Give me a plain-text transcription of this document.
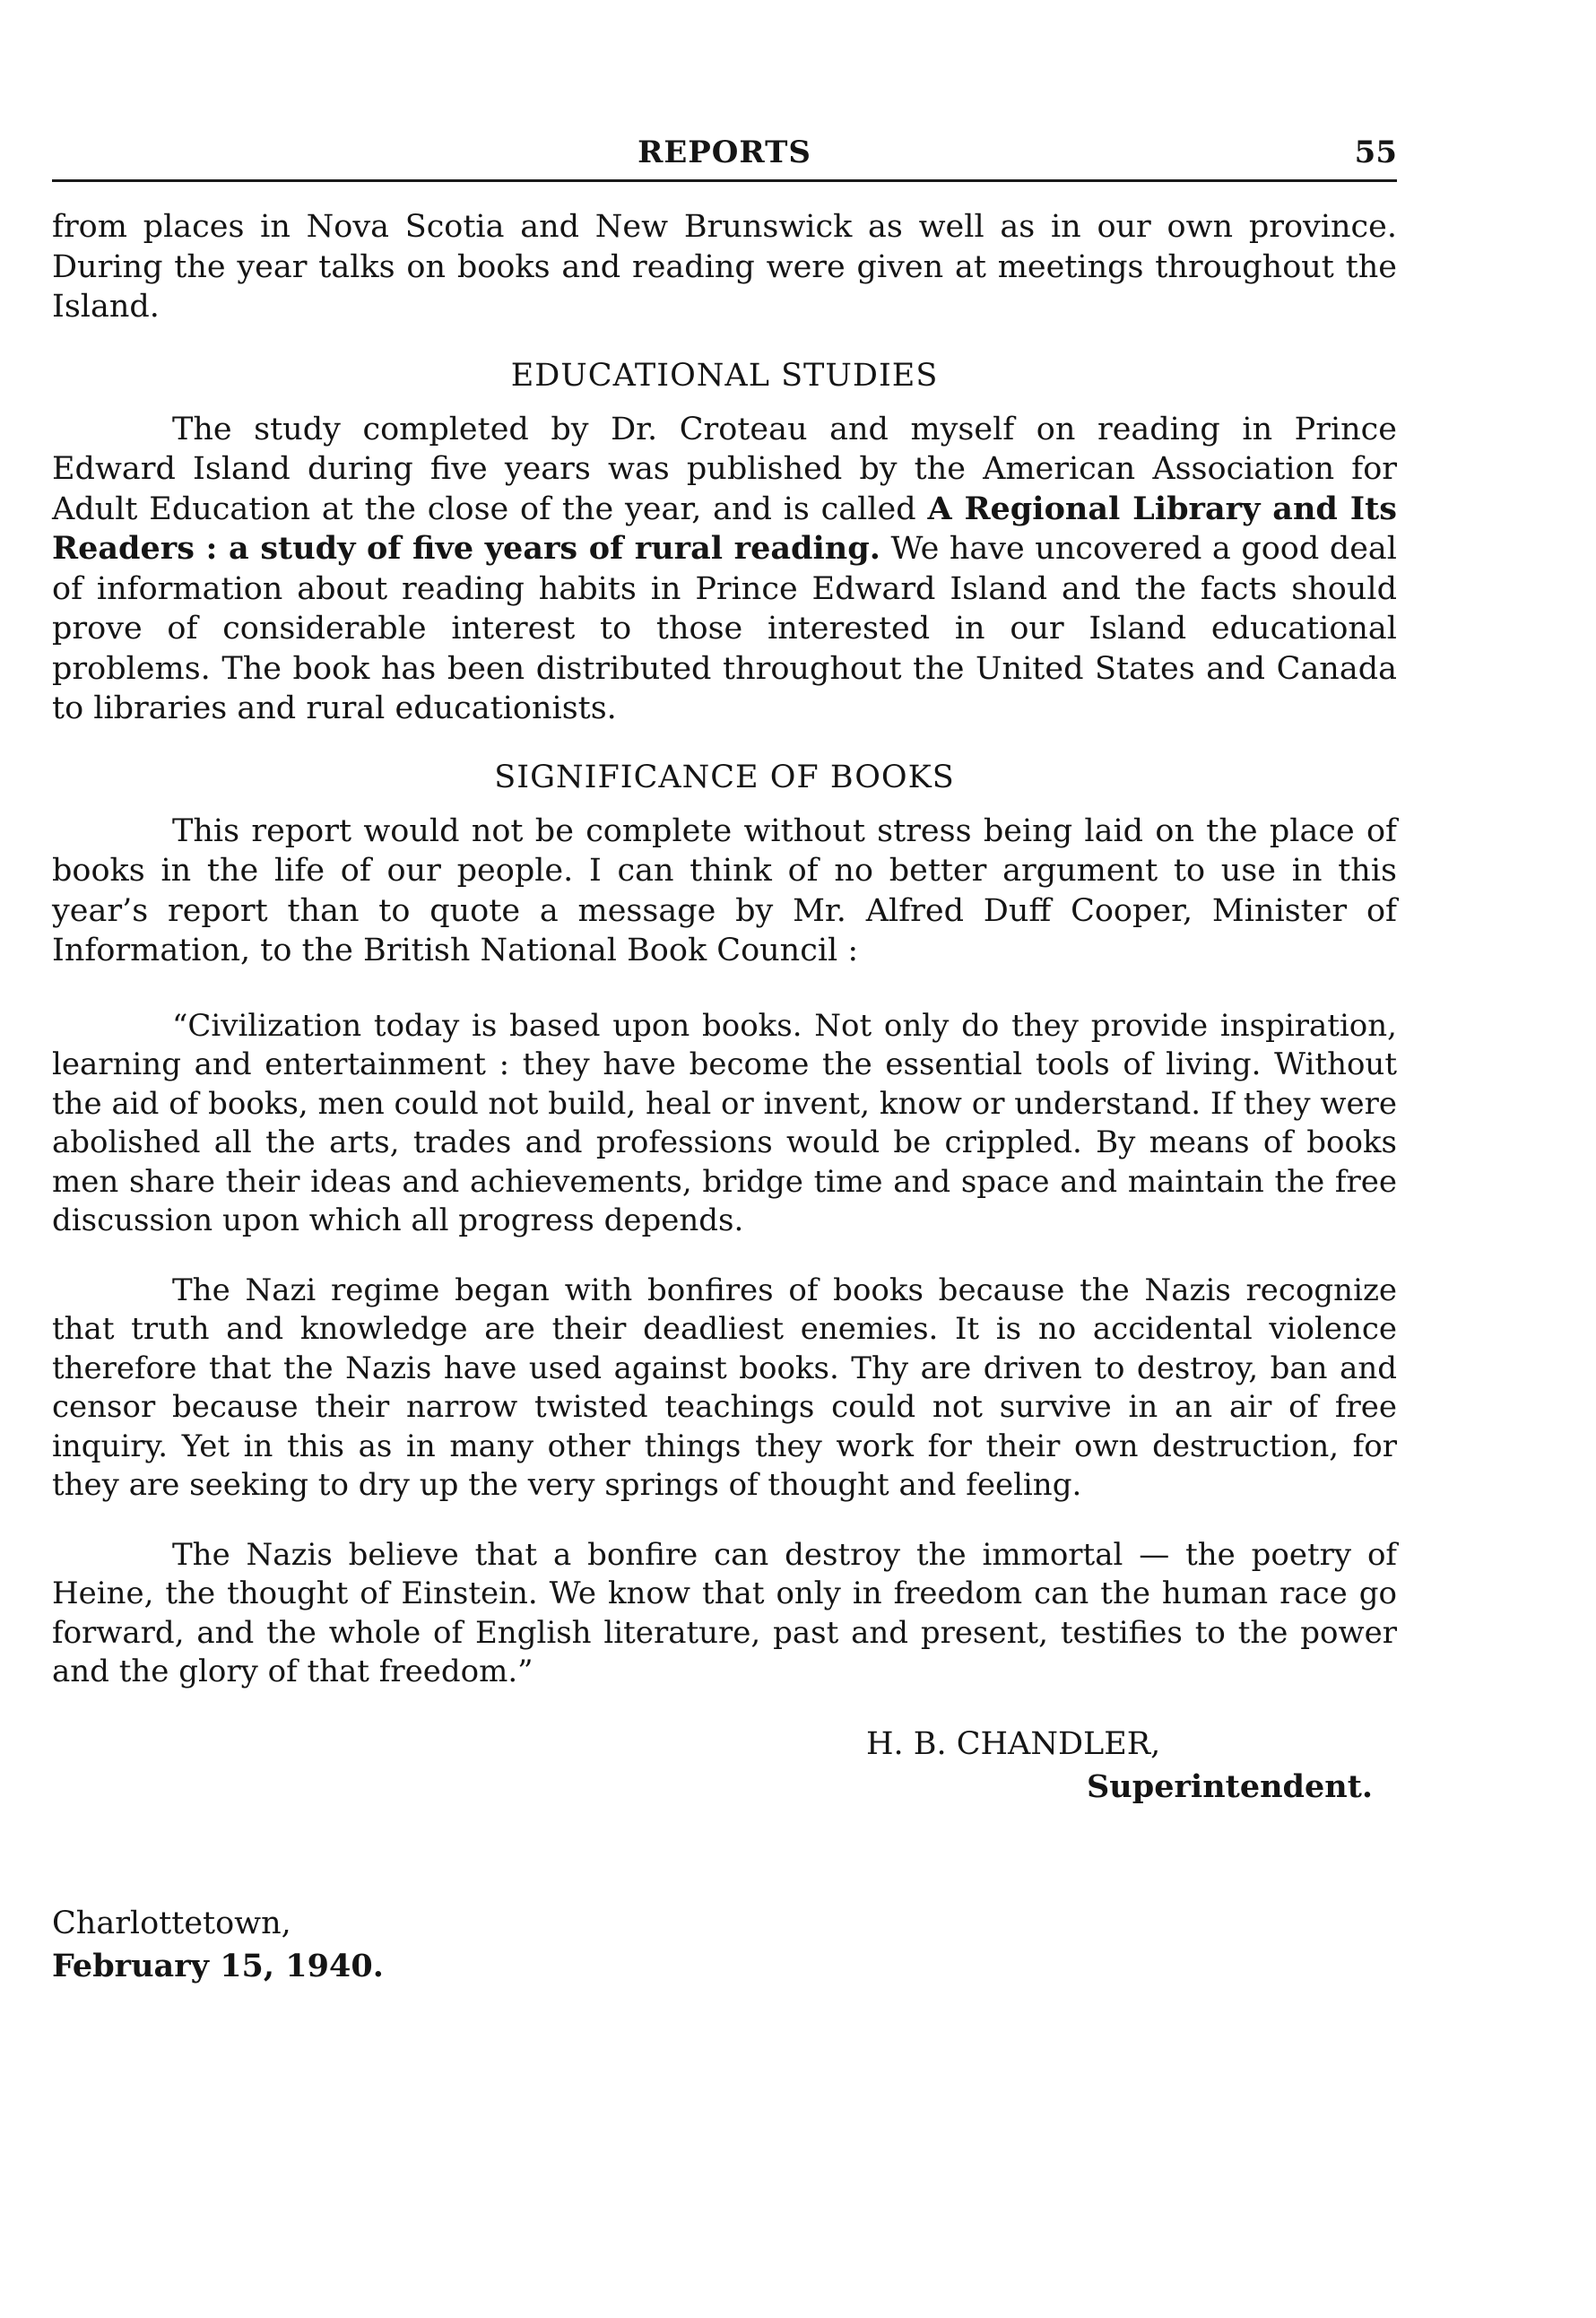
REPORTS	55

from places in Nova Scotia and New Brunswick as well as in our own province. During the year talks on books and reading were given at meetings throughout the Island.

EDUCATIONAL STUDIES

The study completed by Dr. Croteau and myself on reading in Prince Edward Island during five years was published by the American Association for Adult Education at the close of the year, and is called A Regional Library and Its Readers : a study of five years of rural reading. We have uncovered a good deal of information about reading habits in Prince Edward Island and the facts should prove of considerable interest to those interested in our Island educational problems. The book has been distributed throughout the United States and Canada to libraries and rural educationists.

SIGNIFICANCE OF BOOKS

This report would not be complete without stress being laid on the place of books in the life of our people. I can think of no better argument to use in this year’s report than to quote a message by Mr. Alfred Duff Cooper, Minister of Information, to the British National Book Council :

“Civilization today is based upon books. Not only do they provide inspiration, learning and entertainment : they have become the essential tools of living. Without the aid of books, men could not build, heal or invent, know or understand. If they were abolished all the arts, trades and professions would be crippled. By means of books men share their ideas and achievements, bridge time and space and maintain the free discussion upon which all progress depends.

The Nazi regime began with bonfires of books because the Nazis recognize that truth and knowledge are their deadliest enemies. It is no accidental violence therefore that the Nazis have used against books. Thy are driven to destroy, ban and censor because their narrow twisted teachings could not survive in an air of free inquiry. Yet in this as in many other things they work for their own destruction, for they are seeking to dry up the very springs of thought and feeling.

The Nazis believe that a bonfire can destroy the immortal — the poetry of Heine, the thought of Einstein. We know that only in freedom can the human race go forward, and the whole of English literature, past and present, testifies to the power and the glory of that freedom.”

H. B. CHANDLER,
Superintendent.
Charlottetown,
February 15, 1940.
